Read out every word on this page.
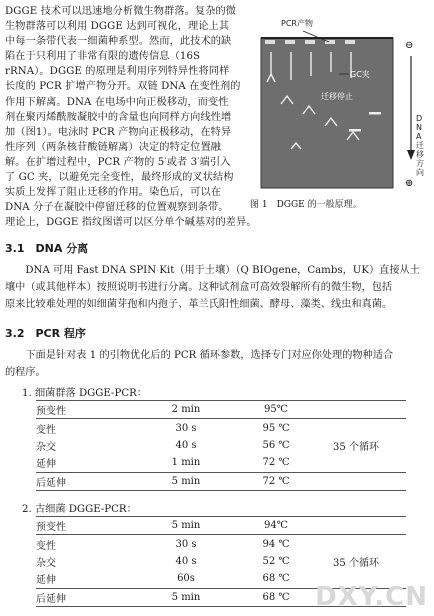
DGGE 技术可以迅速地分析微生物群落。复杂的微

生物群落可以利用 DGGE 达到可视化，理论上其

中每一条带代表一细菌种系型。然而，此技术的缺

陷在于只利用了非常有限的遗传信息（16S

rRNA）。DGGE 的原理是利用序列特异性将同样

长度的 PCR 扩增产物分开。双链 DNA 在变性剂的

作用下解离。DNA 在电场中向正极移动，而变性

剂在聚丙烯酰胺凝胶中的含量也向同样方向线性增

加（图1）。电泳时 PCR 产物向正极移动，在特异

性序列（两条核苷酸链解离）决定的特定位置融

解。在扩增过程中，PCR 产物的 5′或者 3′端引入

了 GC 夹，以避免完全变性，最终形成的叉状结构

实质上发挥了阻止迁移的作用。染色后，可以在

PCR产物
GC夹
迁移停止
⊖
⊕
变性剂比例
DNA迁移方向
图 1　DGGE 的一般原理。

DNA 分子在凝胶中停留迁移的位置观察到条带。

理论上，DGGE 指纹图谱可以区分单个碱基对的差异。

3.1　DNA 分离

　　DNA 可用 Fast DNA SPIN Kit（用于土壤）（Q BIOgene，Cambs，UK）直接从土

壤中（或其他样本）按照说明书进行分离。这种试剂盒可高效裂解所有的微生物，包括

原来比较难处理的如细菌芽孢和内孢子、革兰氏阳性细菌、酵母、藻类、线虫和真菌。

3.2　PCR 程序

　　下面是针对表 1 的引物优化后的 PCR 循环参数，选择专门对应你处理的物种适合

的程序。

1. 细菌群落 DGGE-PCR：
预变性	2 min	95℃	
变性	30 s	95 ℃	
杂交	40 s	56 ℃	35 个循环
延伸	1 min	72 ℃	
后延伸	5 min	72 ℃	
2. 古细菌 DGGE-PCR：
预变性	5 min	94℃	
变性	30 s	94 ℃	
杂交	40 s	52 ℃	35 个循环
延伸	60s	68 ℃	
后延伸	5 min	68 ℃	DXY.CN
